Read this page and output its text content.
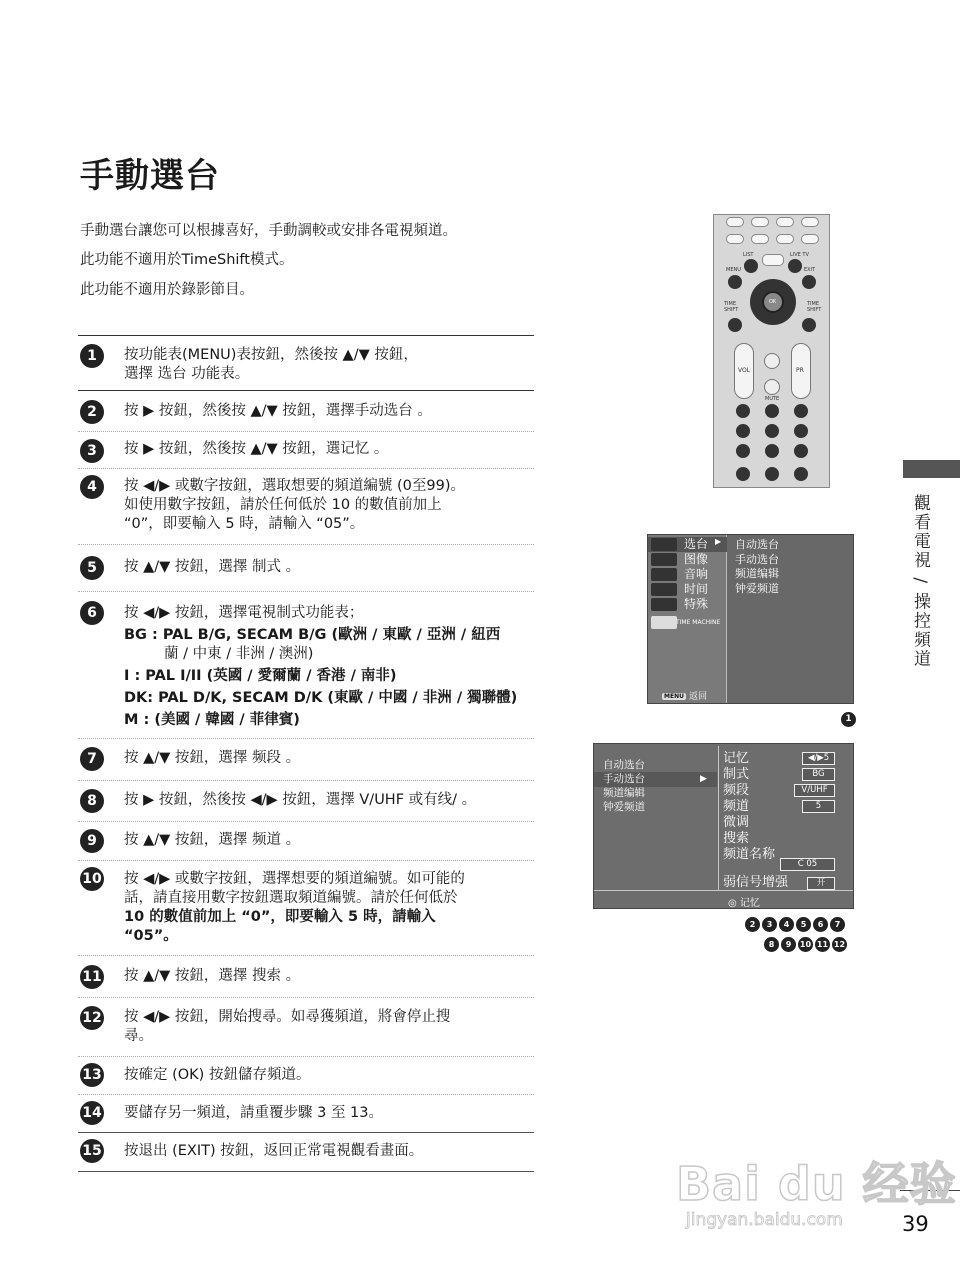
手動選台
手動選台讓您可以根據喜好，手動調較或安排各電視頻道。
此功能不適用於TimeShift模式。
此功能不適用於錄影節目。
1	按功能表(MENU)表按鈕，然後按 ▲/▼ 按鈕，
選擇 选台 功能表。
2	按 ▶ 按鈕，然後按 ▲/▼ 按鈕，選擇手动选台 。
3	按 ▶ 按鈕，然後按 ▲/▼ 按鈕，選记忆 。
4	按 ◀/▶ 或數字按鈕，選取想要的頻道編號 (0至99)。
如使用數字按鈕，請於任何低於 10 的數值前加上
“0”，即要輸入 5 時，請輸入 “05”。
5	按 ▲/▼ 按鈕，選擇 制式 。
6	按 ◀/▶ 按鈕，選擇電視制式功能表；
BG : PAL B/G, SECAM B/G (歐洲 / 東歐 / 亞洲 / 紐西
蘭 / 中東 / 非洲 / 澳洲)
I : PAL I/II (英國 / 愛爾蘭 / 香港 / 南非)
DK: PAL D/K, SECAM D/K (東歐 / 中國 / 非洲 / 獨聯體)
M : (美國 / 韓國 / 菲律賓)
7	按 ▲/▼ 按鈕，選擇 频段 。
8	按 ▶ 按鈕，然後按 ◀/▶ 按鈕，選擇 V/UHF 或有线/ 。
9	按 ▲/▼ 按鈕，選擇 频道 。
10 按 ◀/▶ 或數字按鈕，選擇想要的頻道編號。如可能的
話，請直接用數字按鈕選取頻道編號。請於任何低於
10 的數值前加上 “0”，即要輸入 5 時，請輸入
“05”。
11 按 ▲/▼ 按鈕，選擇 搜索 。
12 按 ◀/▶ 按鈕，開始搜尋。如尋獲頻道，將會停止搜
尋。
13 按確定 (OK) 按鈕儲存頻道。
14 要儲存另一頻道，請重覆步驟 3 至 13。
15 按退出 (EXIT) 按鈕，返回正常電視觀看畫面。
LIST	LIVE TV
MENU	EXIT
OK
TIME SHIFT
TIME SHIFT
VOL	PR
MUTE
觀看電視 / 操控頻道
选台
图像
音响
时间
特殊
TIME MACHINE
MENU 返回
▶ 自动选台
手动选台
频道编辑
钟爱频道
1
自动选台
手动选台
频道编辑
钟爱频道
▶
记忆
制式
频段
频道
微调
搜索
频道名称
弱信号增强
◀/▶5
BG
V/UHF
5
C 05
开
◎ 记忆
2	3	4	5	6	7
8	9	10 11 12
39
Bai du 经验
jingyan.baidu.com
